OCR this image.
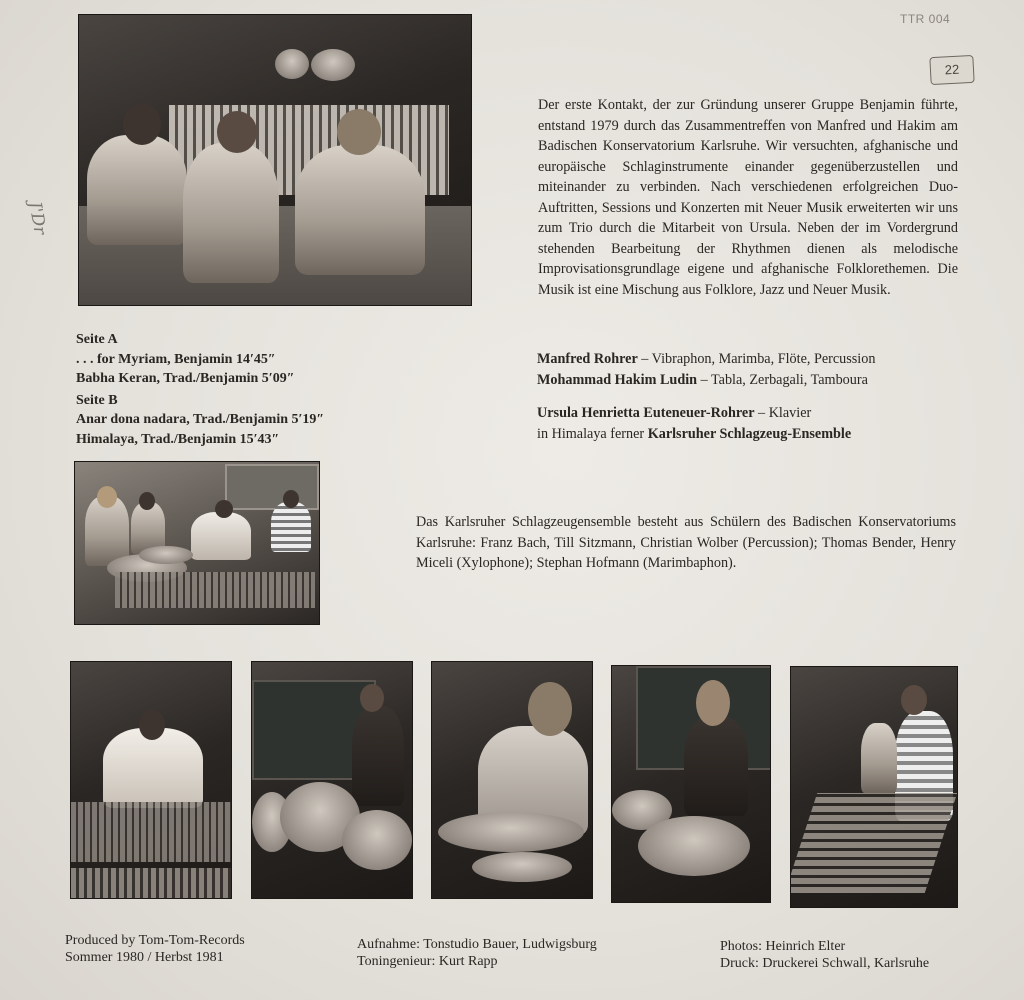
TTR 004
22
J'Dr
Der erste Kontakt, der zur Gründung unserer Gruppe Benjamin führte, entstand 1979 durch das Zusammentreffen von Manfred und Hakim am Badischen Konservatorium Karlsruhe. Wir versuchten, afghanische und europäische Schlaginstrumente einander gegenüberzustellen und miteinander zu verbinden. Nach verschiedenen erfolgreichen Duo-Auftritten, Sessions und Konzerten mit Neuer Musik erweiterten wir uns zum Trio durch die Mitarbeit von Ursula. Neben der im Vordergrund stehenden Bearbeitung der Rhythmen dienen als melodische Improvisationsgrundlage eigene und afghanische Folklorethemen. Die Musik ist eine Mischung aus Folklore, Jazz und Neuer Musik.
Seite A
. . . for Myriam, Benjamin 14′45″
Babha Keran, Trad./Benjamin 5′09″
Seite B
Anar dona nadara, Trad./Benjamin 5′19″
Himalaya, Trad./Benjamin 15′43″
Manfred Rohrer – Vibraphon, Marimba, Flöte, Percussion
Mohammad Hakim Ludin – Tabla, Zerbagali, Tamboura
Ursula Henrietta Euteneuer-Rohrer – Klavier
in Himalaya ferner Karlsruher Schlagzeug-Ensemble
Das Karlsruher Schlagzeugensemble besteht aus Schülern des Badischen Konservatoriums Karlsruhe: Franz Bach, Till Sitzmann, Christian Wolber (Percussion); Thomas Bender, Henry Miceli (Xylophone); Stephan Hofmann (Marimbaphon).
Produced by Tom-Tom-Records
Sommer 1980 / Herbst 1981
Aufnahme: Tonstudio Bauer, Ludwigsburg
Toningenieur: Kurt Rapp
Photos: Heinrich Elter
Druck: Druckerei Schwall, Karlsruhe
